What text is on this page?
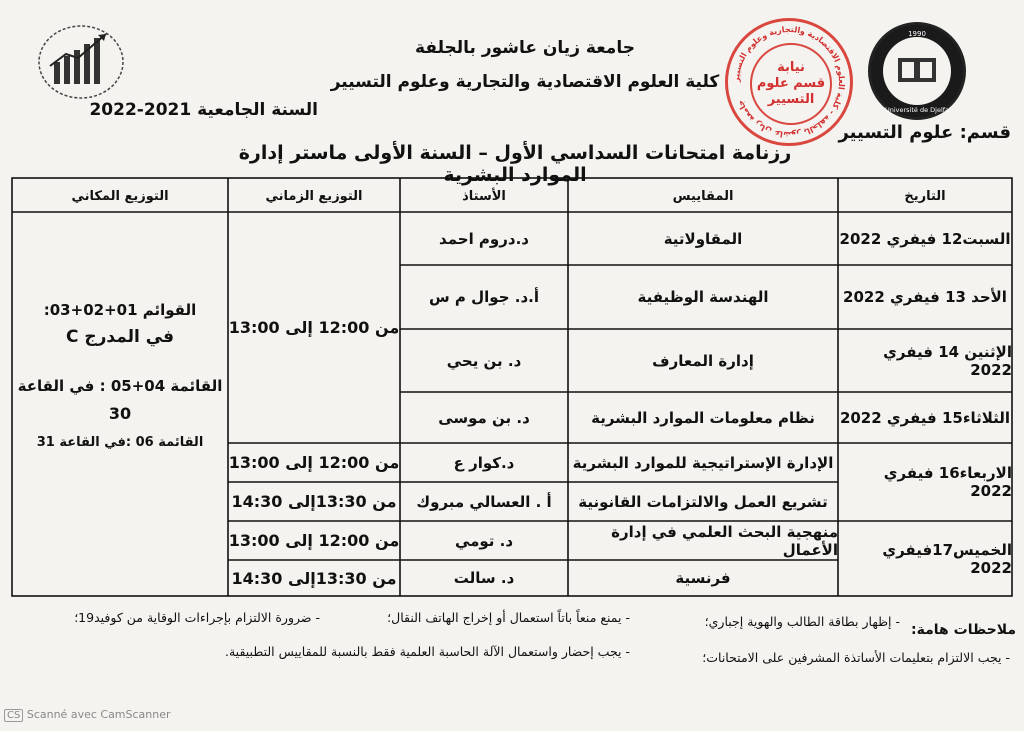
جامعة زيان عاشور بالجلفة
كلية العلوم الاقتصادية والتجارية وعلوم التسيير
السنة الجامعية 2021-2022
جامعة زيان عاشور بالجلفة - كلية العلوم الاقتصادية والتجارية وعلوم التسيير
نيابة
قسم علوم
التسيير
1990
Université de Djelfa
قسم: علوم التسيير
رزنامة امتحانات السداسي الأول – السنة الأولى ماستر إدارة الموارد البشرية
التاريخ
المقاييس
الأستاذ
التوزيع الزماني
التوزيع المكاني
السبت12 فيفري 2022
الأحد 13 فيفري 2022
الإثنين 14 فيفري 2022
الثلاثاء15 فيفري 2022
الاربعاء16 فيفري 2022
الخميس17فيفري 2022
المقاولاتية
الهندسة الوظيفية
إدارة المعارف
نظام معلومات الموارد البشرية
الإدارة الإستراتيجية للموارد البشرية
تشريع العمل والالتزامات القانونية
منهجية البحث العلمي في إدارة الأعمال
فرنسية
د.دروم احمد
أ.د. جوال م س
د. بن يحي
د. بن موسى
د.كوار ع
أ . العسالي مبروك
د. تومي
د. سالت
من 12:00 إلى 13:00
من 12:00 إلى 13:00
من 13:30إلى 14:30
من 12:00 إلى 13:00
من 13:30إلى 14:30
القوائم 01+02+03:
في المدرج C
القائمة 04+05 : في القاعة
30
القائمة 06 :في القاعة 31
ملاحظات هامة:
- إظهار بطاقة الطالب والهوية إجباري؛
- يمنع منعاً باتاً استعمال أو إخراج الهاتف النقال؛
- ضرورة الالتزام بإجراءات الوقاية من كوفيد19؛
- يجب الالتزام بتعليمات الأساتذة المشرفين على الامتحانات؛
- يجب إحضار واستعمال الآلة الحاسبة العلمية فقط بالنسبة للمقاييس التطبيقية.
CS Scanné avec CamScanner
